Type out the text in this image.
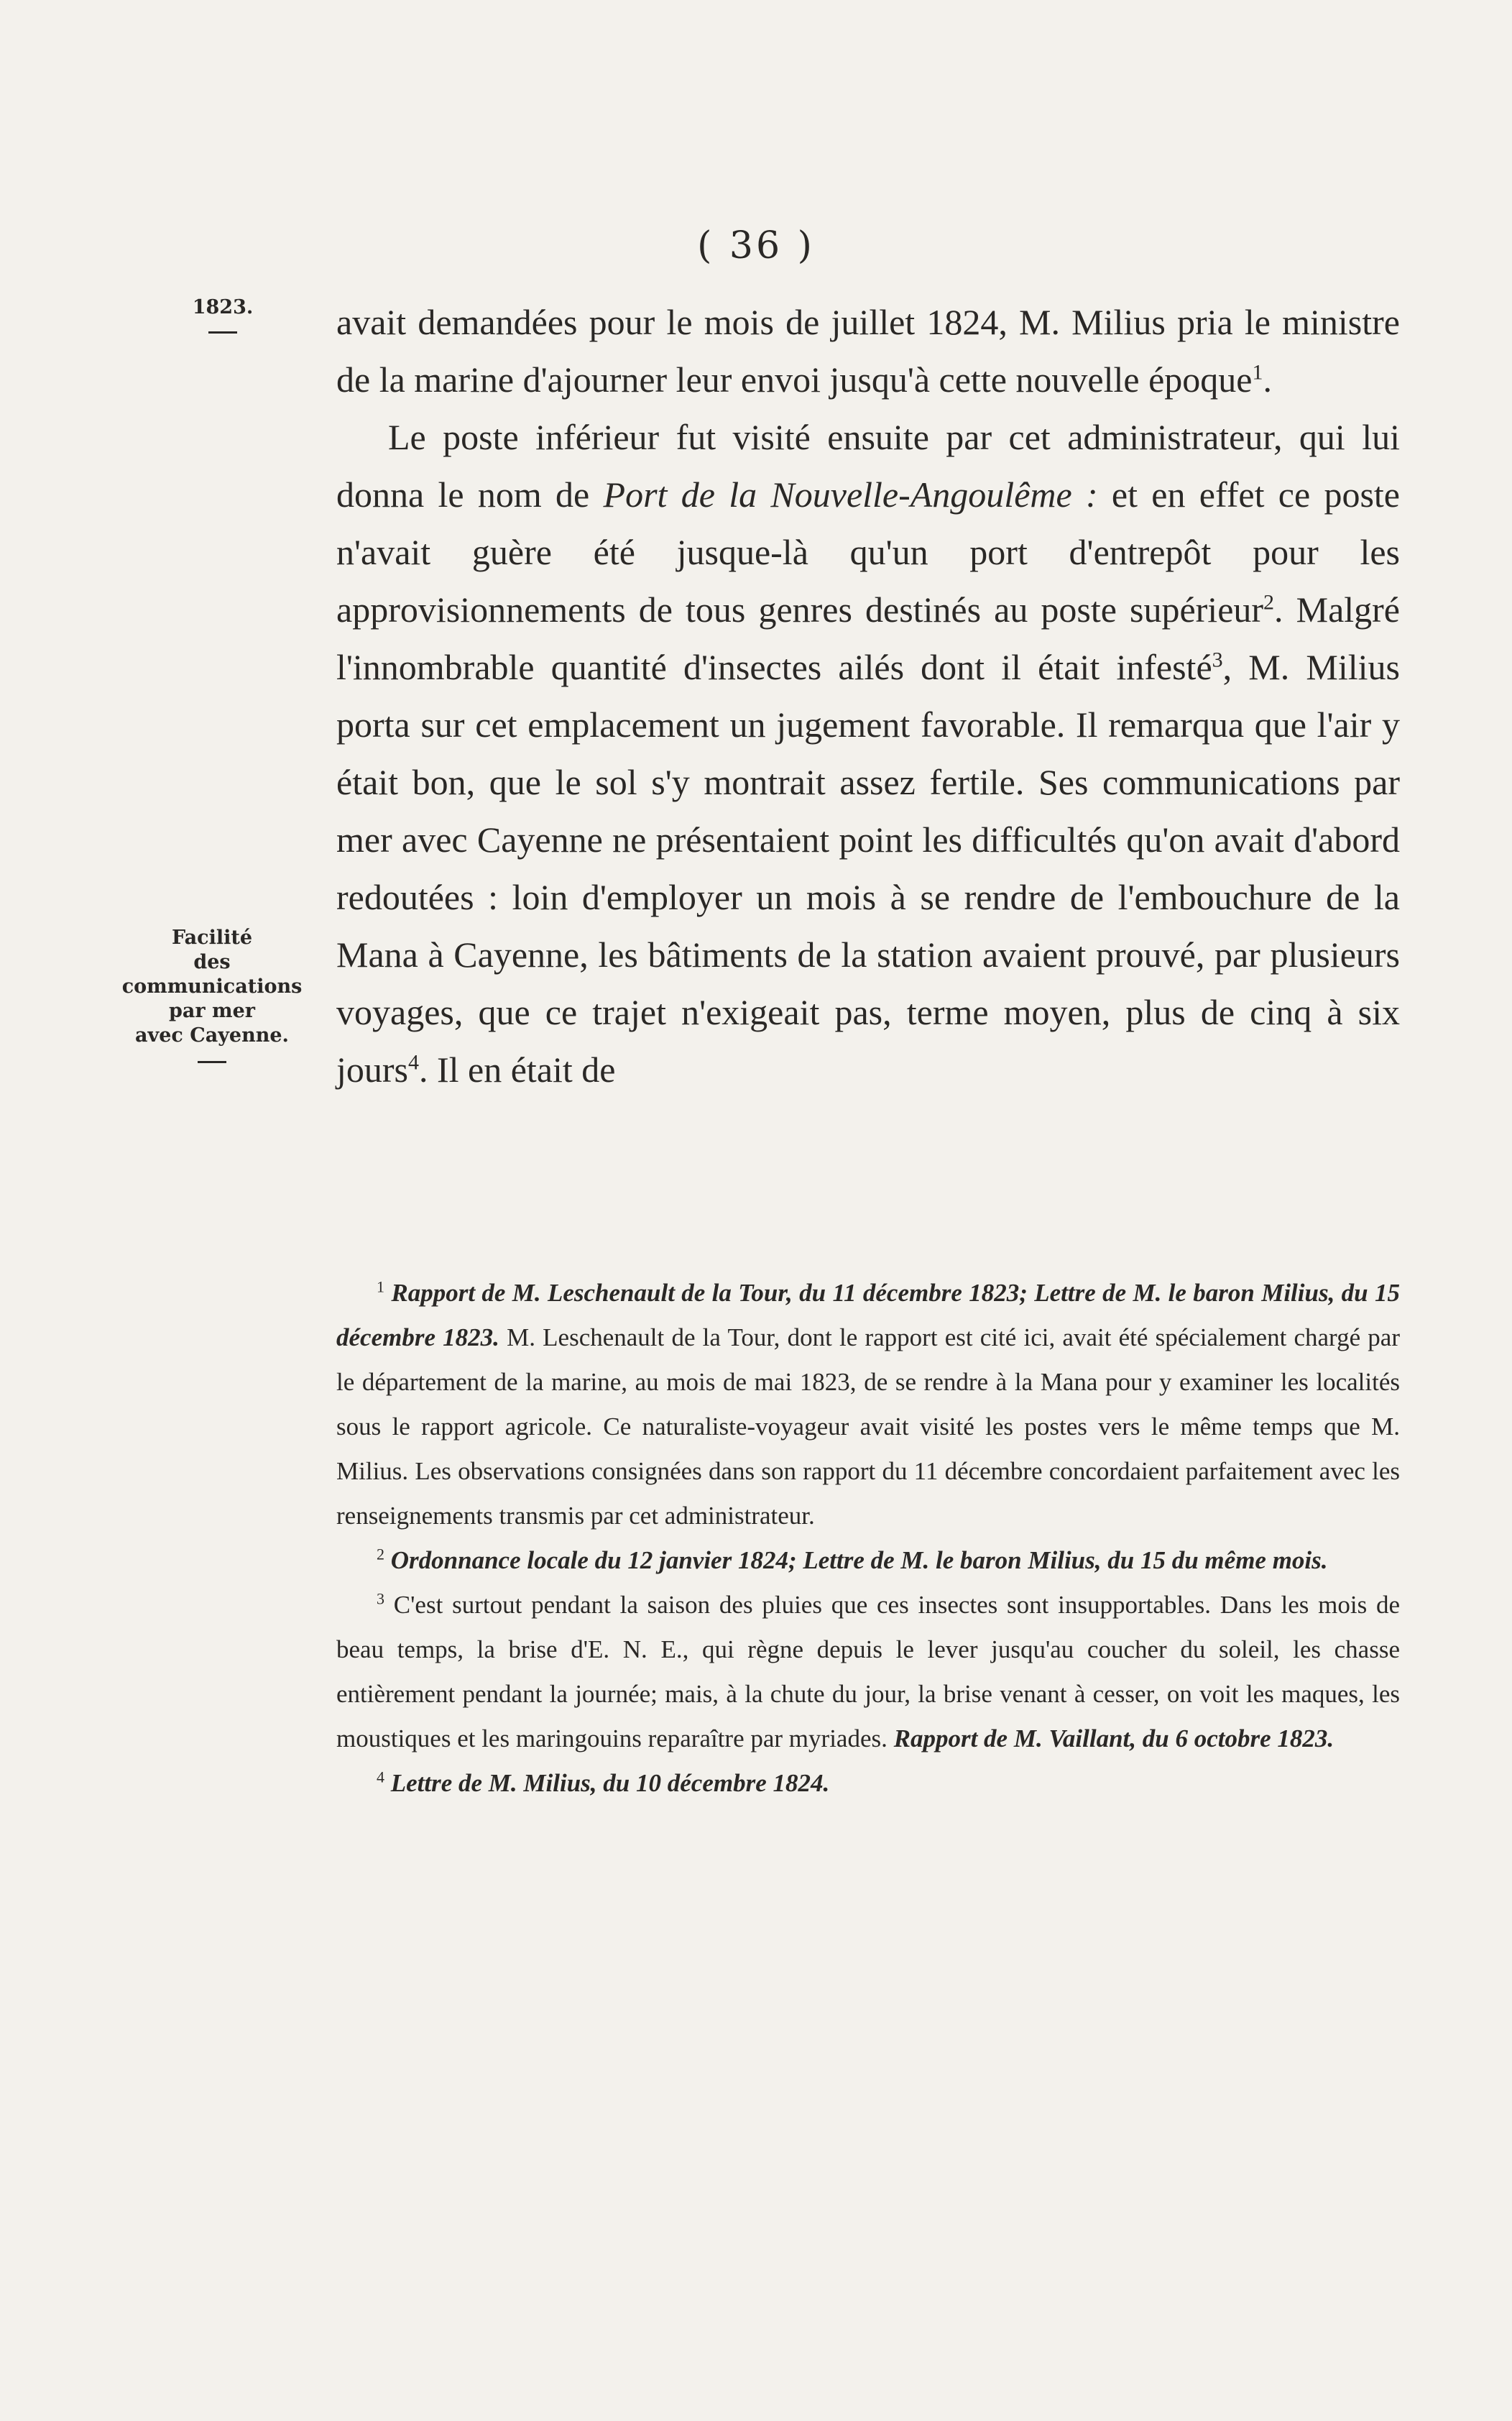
( 36 )
1823.
Facilité
des
communications
par mer
avec Cayenne.

avait demandées pour le mois de juillet 1824, M. Milius pria le ministre de la marine d'ajourner leur envoi jusqu'à cette nouvelle époque$^1$.

Le poste inférieur fut visité ensuite par cet administrateur, qui lui donna le nom de Port de la Nouvelle-Angoulême : et en effet ce poste n'avait guère été jusque-là qu'un port d'entrepôt pour les approvisionnements de tous genres destinés au poste supérieur$^2$. Malgré l'innombrable quantité d'insectes ailés dont il était infesté$^3$, M. Milius porta sur cet emplacement un jugement favorable. Il remarqua que l'air y était bon, que le sol s'y montrait assez fertile. Ses communications par mer avec Cayenne ne présentaient point les difficultés qu'on avait d'abord redoutées : loin d'employer un mois à se rendre de l'embouchure de la Mana à Cayenne, les bâtiments de la station avaient prouvé, par plusieurs voyages, que ce trajet n'exigeait pas, terme moyen, plus de cinq à six jours$^4$. Il en était de

$^1$ Rapport de M. Leschenault de la Tour, du 11 décembre 1823; Lettre de M. le baron Milius, du 15 décembre 1823. M. Leschenault de la Tour, dont le rapport est cité ici, avait été spécialement chargé par le département de la marine, au mois de mai 1823, de se rendre à la Mana pour y examiner les localités sous le rapport agricole. Ce naturaliste-voyageur avait visité les postes vers le même temps que M. Milius. Les observations consignées dans son rapport du 11 décembre concordaient parfaitement avec les renseignements transmis par cet administrateur.

$^2$ Ordonnance locale du 12 janvier 1824; Lettre de M. le baron Milius, du 15 du même mois.

$^3$ C'est surtout pendant la saison des pluies que ces insectes sont insupportables. Dans les mois de beau temps, la brise d'E. N. E., qui règne depuis le lever jusqu'au coucher du soleil, les chasse entièrement pendant la journée; mais, à la chute du jour, la brise venant à cesser, on voit les maques, les moustiques et les maringouins reparaître par myriades. Rapport de M. Vaillant, du 6 octobre 1823.

$^4$ Lettre de M. Milius, du 10 décembre 1824.
